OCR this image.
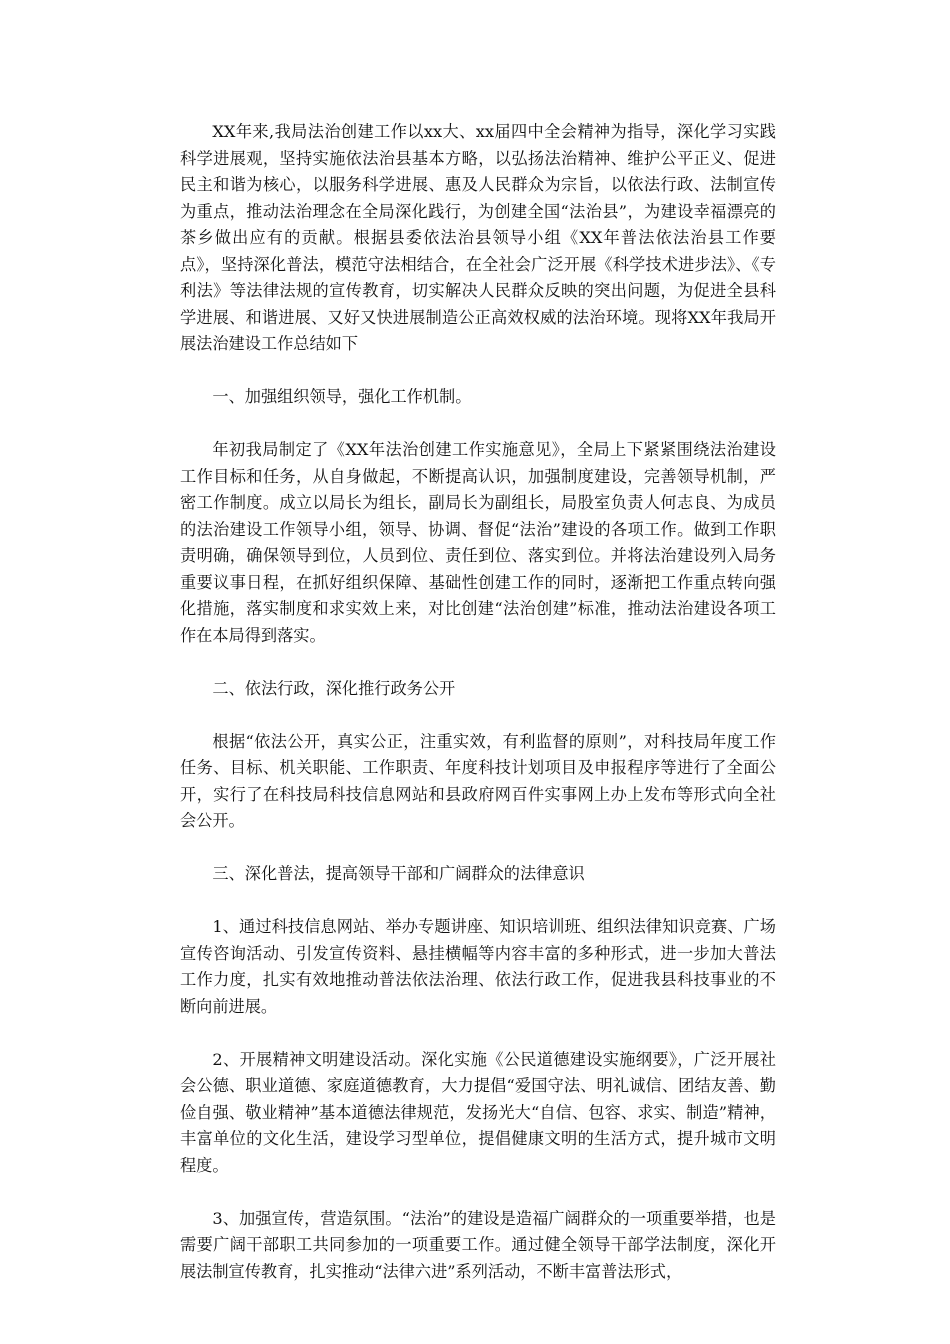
XX年来,我局法治创建工作以xx大、xx届四中全会精神为指导，深化学习实践科学进展观，坚持实施依法治县基本方略，以弘扬法治精神、维护公平正义、促进民主和谐为核心，以服务科学进展、惠及人民群众为宗旨，以依法行政、法制宣传为重点，推动法治理念在全局深化践行，为创建全国“法治县”，为建设幸福漂亮的茶乡做出应有的贡献。根据县委依法治县领导小组《XX年普法依法治县工作要点》，坚持深化普法，模范守法相结合，在全社会广泛开展《科学技术进步法》、《专利法》等法律法规的宣传教育，切实解决人民群众反映的突出问题，为促进全县科学进展、和谐进展、又好又快进展制造公正高效权威的法治环境。现将XX年我局开展法治建设工作总结如下

一、加强组织领导，强化工作机制。

年初我局制定了《XX年法治创建工作实施意见》，全局上下紧紧围绕法治建设工作目标和任务，从自身做起，不断提高认识，加强制度建设，完善领导机制，严密工作制度。成立以局长为组长，副局长为副组长，局股室负责人何志良、为成员的法治建设工作领导小组，领导、协调、督促“法治”建设的各项工作。做到工作职责明确，确保领导到位，人员到位、责任到位、落实到位。并将法治建设列入局务重要议事日程，在抓好组织保障、基础性创建工作的同时，逐渐把工作重点转向强化措施，落实制度和求实效上来，对比创建“法治创建”标准，推动法治建设各项工作在本局得到落实。

二、依法行政，深化推行政务公开

根据“依法公开，真实公正，注重实效，有利监督的原则”，对科技局年度工作任务、目标、机关职能、工作职责、年度科技计划项目及申报程序等进行了全面公开，实行了在科技局科技信息网站和县政府网百件实事网上办上发布等形式向全社会公开。

三、深化普法，提高领导干部和广阔群众的法律意识

1、通过科技信息网站、举办专题讲座、知识培训班、组织法律知识竞赛、广场宣传咨询活动、引发宣传资料、悬挂横幅等内容丰富的多种形式，进一步加大普法工作力度，扎实有效地推动普法依法治理、依法行政工作，促进我县科技事业的不断向前进展。

2、开展精神文明建设活动。深化实施《公民道德建设实施纲要》，广泛开展社会公德、职业道德、家庭道德教育，大力提倡“爱国守法、明礼诚信、团结友善、勤俭自强、敬业精神”基本道德法律规范，发扬光大“自信、包容、求实、制造”精神，丰富单位的文化生活，建设学习型单位，提倡健康文明的生活方式，提升城市文明程度。

3、加强宣传，营造氛围。“法治”的建设是造福广阔群众的一项重要举措，也是需要广阔干部职工共同参加的一项重要工作。通过健全领导干部学法制度，深化开展法制宣传教育，扎实推动“法律六进”系列活动，不断丰富普法形式，
